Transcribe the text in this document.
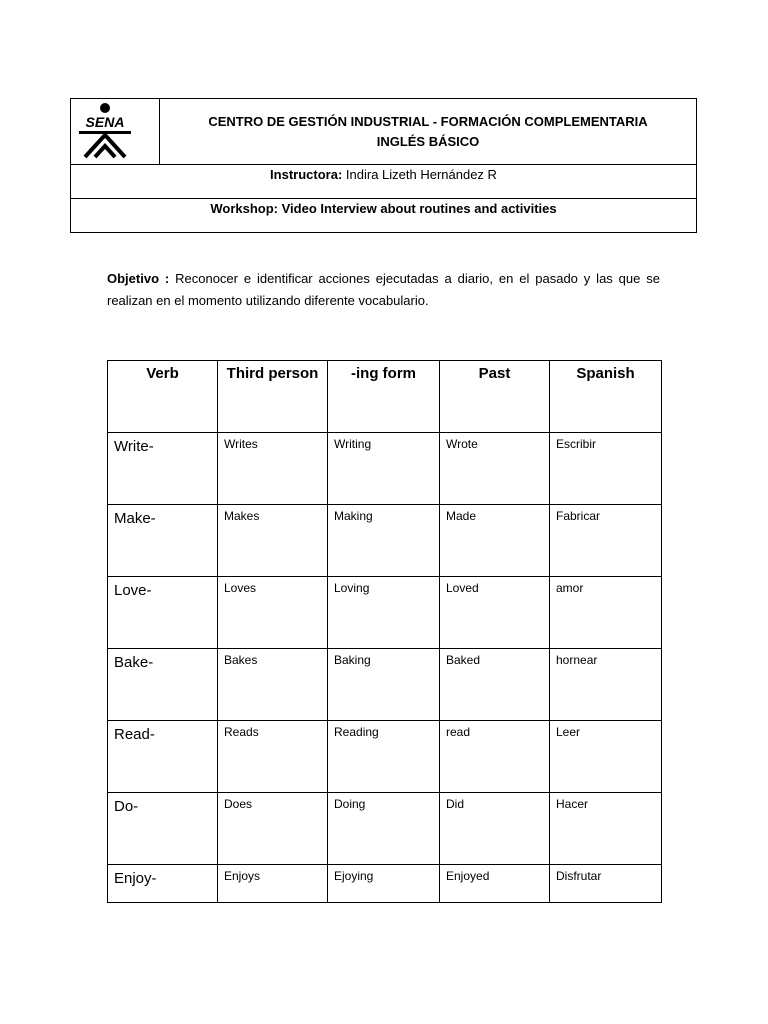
SENA	CENTRO DE GESTIÓN INDUSTRIAL - FORMACIÓN COMPLEMENTARIA
INGLÉS BÁSICO
Instructora:
Indira Lizeth Hernández R
Workshop: Video Interview about routines and activities
Objetivo : Reconocer e identificar acciones ejecutadas a diario, en el pasado y las que se realizan en el momento utilizando diferente vocabulario.
Verb	Third person	-ing form	Past	Spanish
Write-	Writes	Writing	Wrote	Escribir
Make-	Makes	Making	Made	Fabricar
Love-	Loves	Loving	Loved	amor
Bake-	Bakes	Baking	Baked	hornear
Read-	Reads	Reading	read	Leer
Do-	Does	Doing	Did	Hacer
Enjoy-	Enjoys	Ejoying	Enjoyed	Disfrutar
